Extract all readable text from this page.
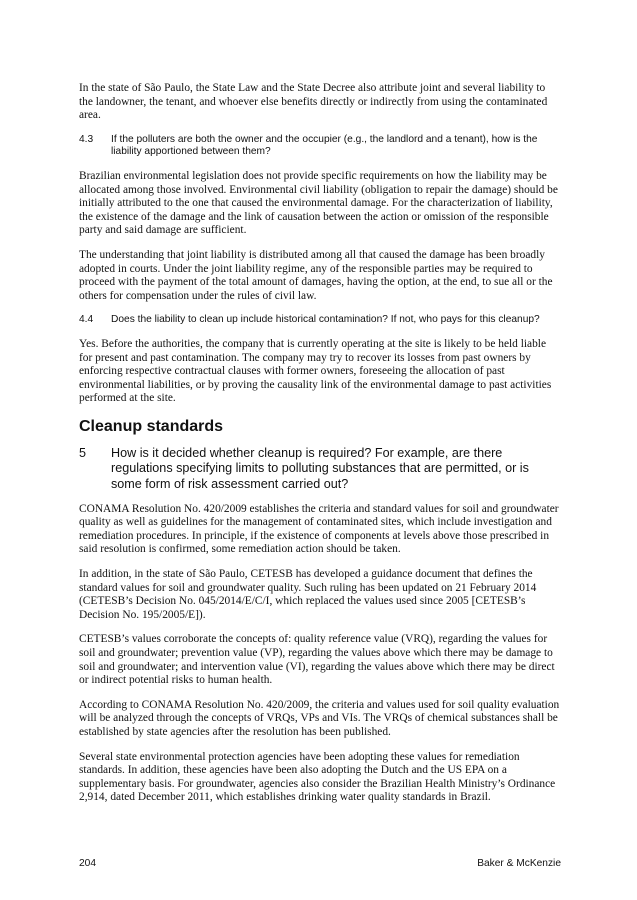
In the state of São Paulo, the State Law and the State Decree also attribute joint and several liability to the landowner, the tenant, and whoever else benefits directly or indirectly from using the contaminated area.

4.3	If the polluters are both the owner and the occupier (e.g., the landlord and a tenant), how is the liability apportioned between them?

Brazilian environmental legislation does not provide specific requirements on how the liability may be allocated among those involved. Environmental civil liability (obligation to repair the damage) should be initially attributed to the one that caused the environmental damage. For the characterization of liability, the existence of the damage and the link of causation between the action or omission of the responsible party and said damage are sufficient.

The understanding that joint liability is distributed among all that caused the damage has been broadly adopted in courts. Under the joint liability regime, any of the responsible parties may be required to proceed with the payment of the total amount of damages, having the option, at the end, to sue all or the others for compensation under the rules of civil law.

4.4	Does the liability to clean up include historical contamination? If not, who pays for this cleanup?

Yes. Before the authorities, the company that is currently operating at the site is likely to be held liable for present and past contamination. The company may try to recover its losses from past owners by enforcing respective contractual clauses with former owners, foreseeing the allocation of past environmental liabilities, or by proving the causality link of the environmental damage to past activities performed at the site.

Cleanup standards
5	How is it decided whether cleanup is required? For example, are there regulations specifying limits to polluting substances that are permitted, or is some form of risk assessment carried out?

CONAMA Resolution No. 420/2009 establishes the criteria and standard values for soil and groundwater quality as well as guidelines for the management of contaminated sites, which include investigation and remediation procedures. In principle, if the existence of components at levels above those prescribed in said resolution is confirmed, some remediation action should be taken.

In addition, in the state of São Paulo, CETESB has developed a guidance document that defines the standard values for soil and groundwater quality. Such ruling has been updated on 21 February 2014 (CETESB’s Decision No. 045/2014/E/C/I, which replaced the values used since 2005 [CETESB’s Decision No. 195/2005/E]).

CETESB’s values corroborate the concepts of: quality reference value (VRQ), regarding the values for soil and groundwater; prevention value (VP), regarding the values above which there may be damage to soil and groundwater; and intervention value (VI), regarding the values above which there may be direct or indirect potential risks to human health.

According to CONAMA Resolution No. 420/2009, the criteria and values used for soil quality evaluation will be analyzed through the concepts of VRQs, VPs and VIs. The VRQs of chemical substances shall be established by state agencies after the resolution has been published.

Several state environmental protection agencies have been adopting these values for remediation standards. In addition, these agencies have been also adopting the Dutch and the US EPA on a supplementary basis. For groundwater, agencies also consider the Brazilian Health Ministry’s Ordinance 2,914, dated December 2011, which establishes drinking water quality standards in Brazil.

204	Baker & McKenzie
